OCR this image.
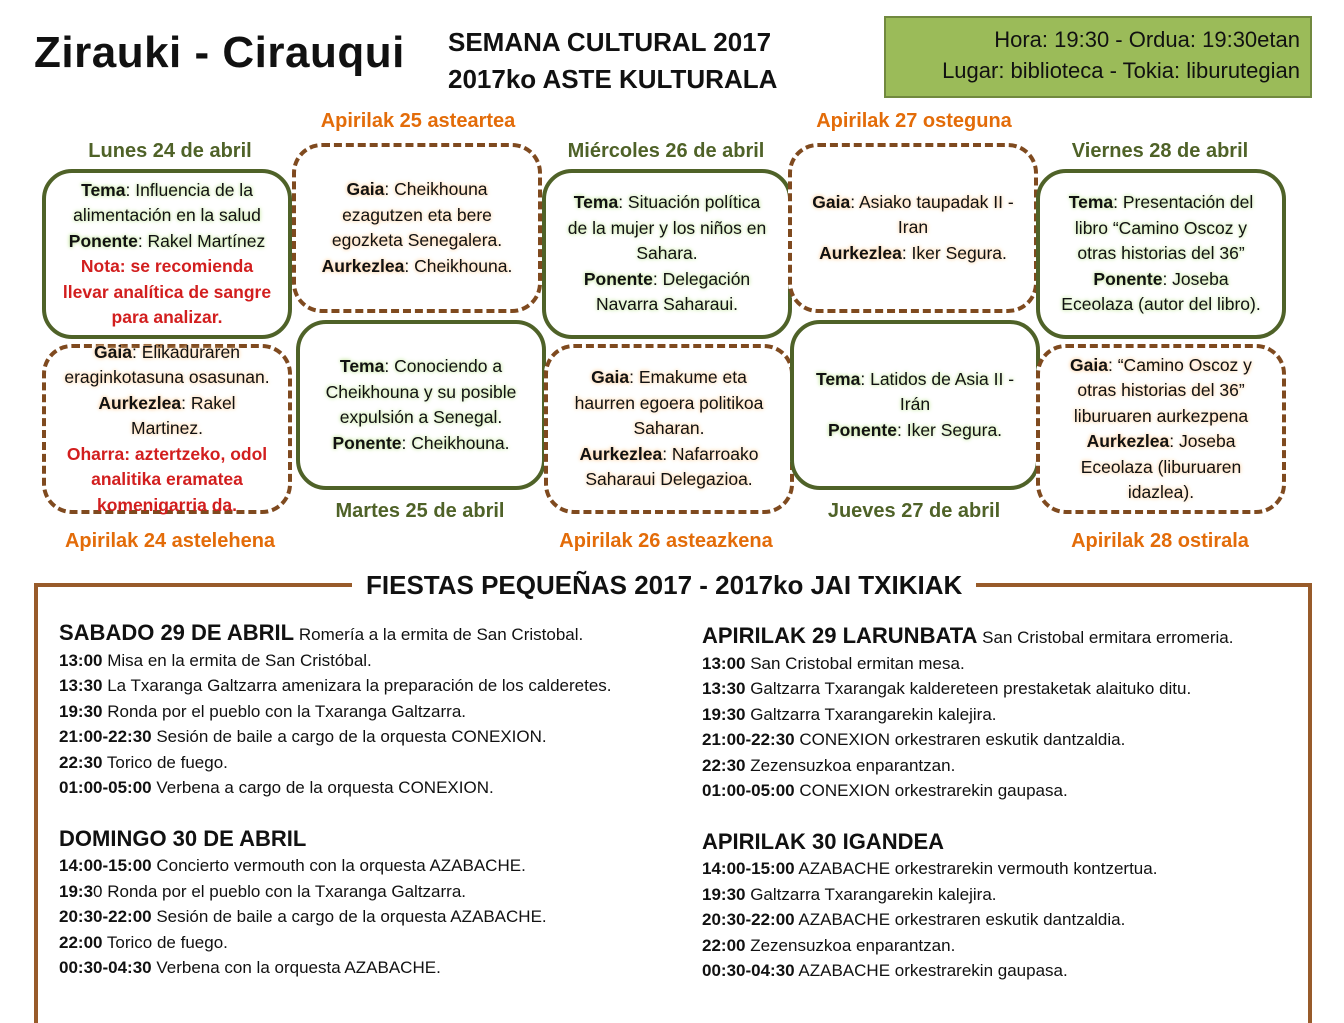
Zirauki - Cirauqui SEMANA CULTURAL 2017
2017ko ASTE KULTURALA
Hora: 19:30 - Ordua: 19:30etan
Lugar: biblioteca - Tokia: liburutegian
Lunes 24 de abril
Apirilak 25 asteartea
Miércoles 26 de abril
Apirilak 27 osteguna
Viernes 28 de abril
Apirilak 24 astelehena
Martes 25 de abril
Apirilak 26 asteazkena
Jueves 27 de abril
Apirilak 28 ostirala

Tema: Influencia de la alimentación en la salud

Ponente: Rakel Martínez

Nota: se recomienda llevar analítica de sangre para analizar.

Gaia: Elikaduraren eraginkotasuna osasunan. Aurkezlea: Rakel Martinez.

Oharra: aztertzeko, odol analitika eramatea komenigarria da.

Gaia: Cheikhouna ezagutzen eta bere egozketa Senegalera.

Aurkezlea: Cheikhouna.

Tema: Conociendo a Cheikhouna y su posible expulsión a Senegal.

Ponente: Cheikhouna.

Tema: Situación política de la mujer y los niños en Sahara.

Ponente: Delegación Navarra Saharaui.

Gaia: Emakume eta haurren egoera politikoa Saharan.

Aurkezlea: Nafarroako Saharaui Delegazioa.

Gaia: Asiako taupadak II - Iran

Aurkezlea: Iker Segura.

Tema: Latidos de Asia II - Irán

Ponente: Iker Segura.

Tema: Presentación del libro “Camino Oscoz y otras historias del 36”

Ponente: Joseba Eceolaza (autor del libro).

Gaia: “Camino Oscoz y otras historias del 36” liburuaren aurkezpena

Aurkezlea: Joseba Eceolaza (liburuaren idazlea).

FIESTAS PEQUEÑAS 2017 - 2017ko JAI TXIKIAK
SABADO 29 DE ABRIL Romería a la ermita de San Cristobal.
13:00 Misa en la ermita de San Cristóbal.
13:30 La Txaranga Galtzarra amenizara la preparación de los calderetes.
19:30 Ronda por el pueblo con la Txaranga Galtzarra.
21:00-22:30 Sesión de baile a cargo de la orquesta CONEXION.
22:30 Torico de fuego.
01:00-05:00 Verbena a cargo de la orquesta CONEXION.
DOMINGO 30 DE ABRIL
14:00-15:00 Concierto vermouth con la orquesta AZABACHE.
19:30 Ronda por el pueblo con la Txaranga Galtzarra.
20:30-22:00 Sesión de baile a cargo de la orquesta AZABACHE.
22:00 Torico de fuego.
00:30-04:30 Verbena con la orquesta AZABACHE.
APIRILAK 29 LARUNBATA San Cristobal ermitara erromeria.
13:00 San Cristobal ermitan mesa.
13:30 Galtzarra Txarangak kaldereteen prestaketak alaituko ditu.
19:30 Galtzarra Txarangarekin kalejira.
21:00-22:30 CONEXION orkestraren eskutik dantzaldia.
22:30 Zezensuzkoa enparantzan.
01:00-05:00 CONEXION orkestrarekin gaupasa.
APIRILAK 30 IGANDEA
14:00-15:00 AZABACHE orkestrarekin vermouth kontzertua.
19:30 Galtzarra Txarangarekin kalejira.
20:30-22:00 AZABACHE orkestraren eskutik dantzaldia.
22:00 Zezensuzkoa enparantzan.
00:30-04:30 AZABACHE orkestrarekin gaupasa.
